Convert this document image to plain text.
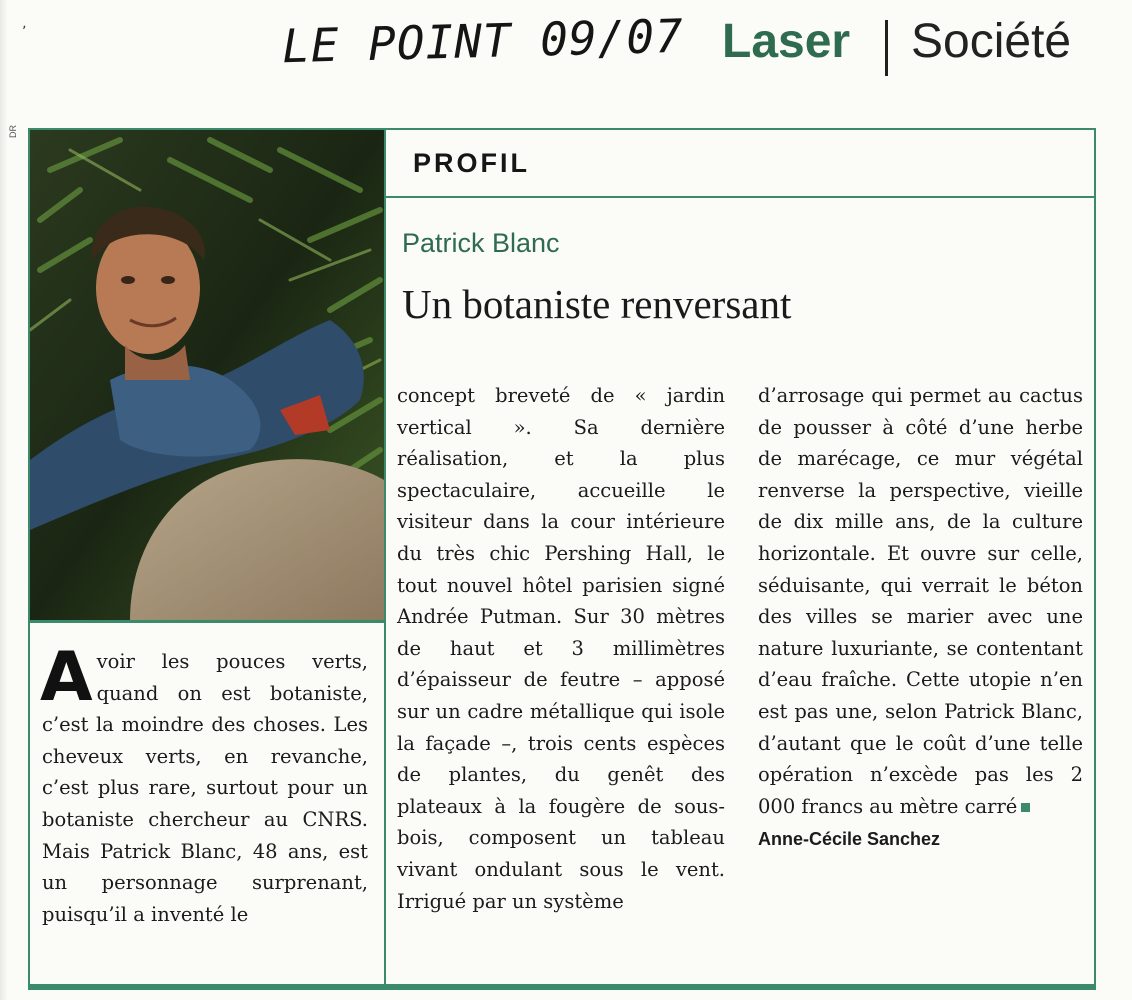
ʼ	LE POINT 09/07 Laser Société
DR
PROFIL
Patrick Blanc
Un botaniste renversant

A voir les pouces verts, quand on est botaniste, c’est la moindre des choses. Les cheveux verts, en revanche, c’est plus rare, surtout pour un botaniste chercheur au CNRS. Mais Patrick Blanc, 48 ans, est un personnage surprenant, puisqu’il a inventé le

concept breveté de « jardin vertical ». Sa dernière réalisation, et la plus spectaculaire, accueille le visiteur dans la cour intérieure du très chic Pershing Hall, le tout nouvel hôtel parisien signé Andrée Putman. Sur 30 mètres de haut et 3 millimètres d’épaisseur de feutre – apposé sur un cadre métallique qui isole la façade –, trois cents espèces de plantes, du genêt des plateaux à la fougère de sous-bois, composent un tableau vivant ondulant sous le vent. Irrigué par un système

d’arrosage qui permet au cactus de pousser à côté d’une herbe de marécage, ce mur végétal renverse la perspective, vieille de dix mille ans, de la culture horizontale. Et ouvre sur celle, séduisante, qui verrait le béton des villes se marier avec une nature luxuriante, se contentant d’eau fraîche. Cette utopie n’en est pas une, selon Patrick Blanc, d’autant que le coût d’une telle opération n’excède pas les 2 000 francs au mètre carré
Anne-Cécile Sanchez
